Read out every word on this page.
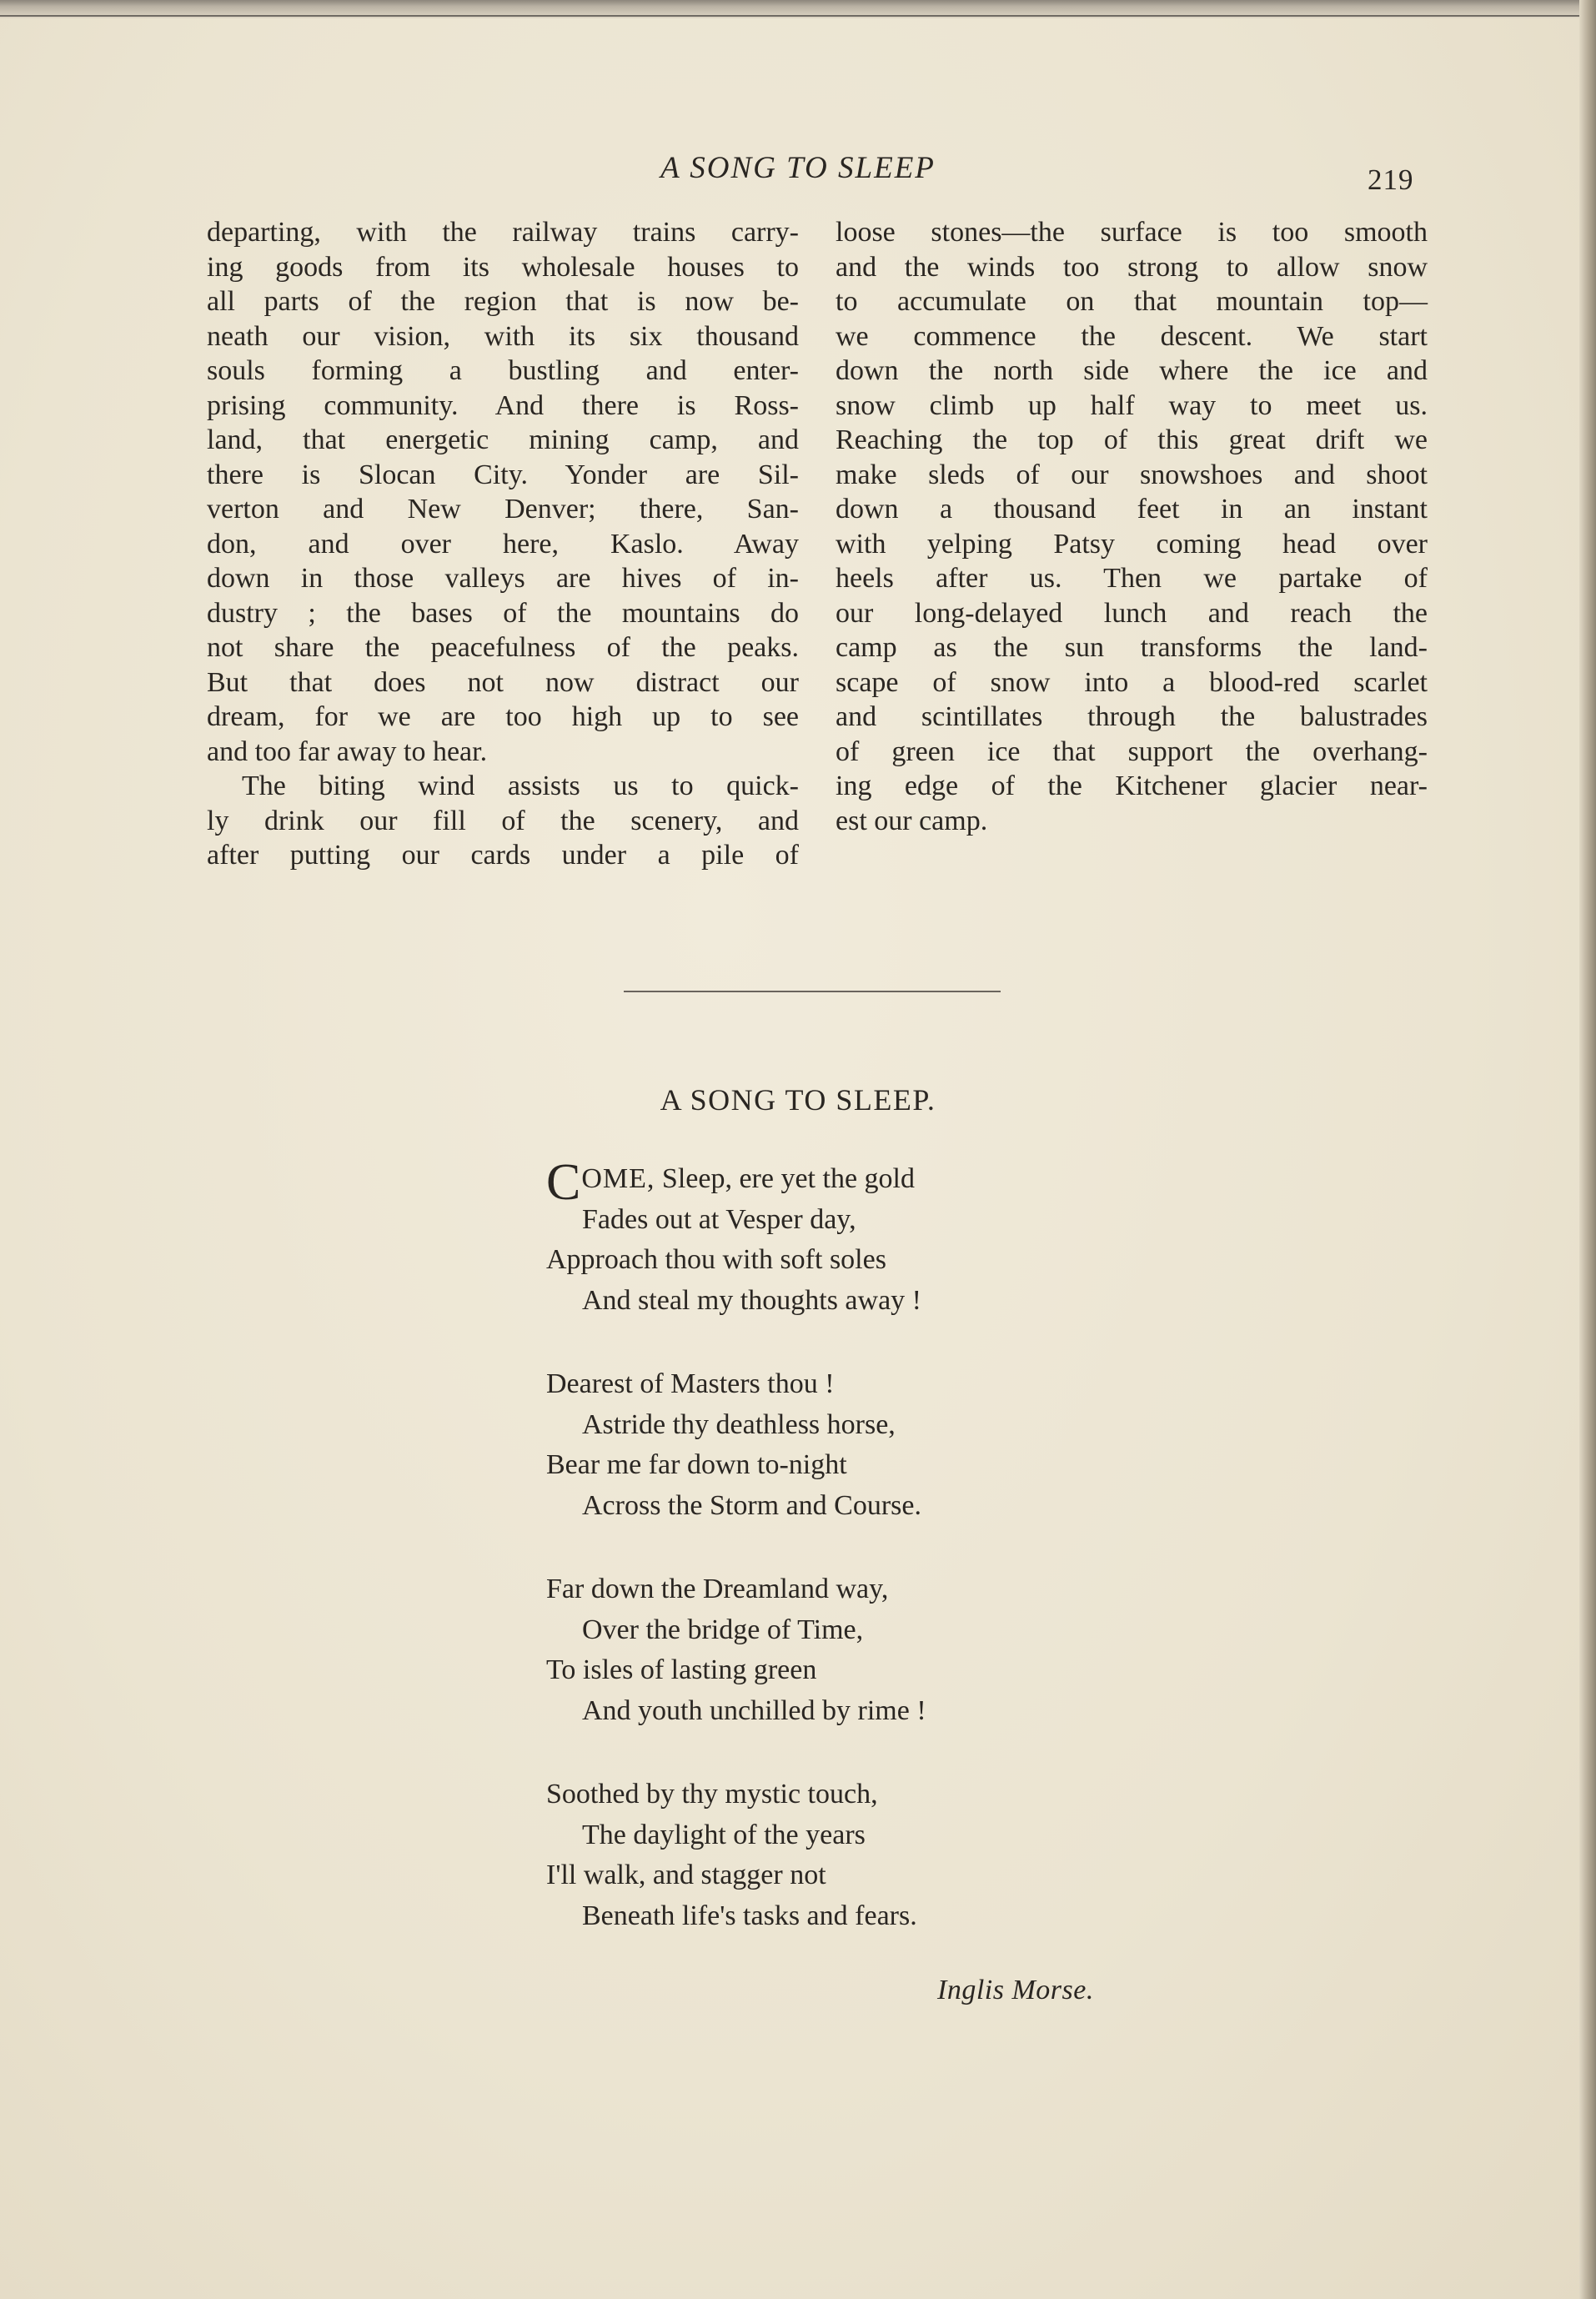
A SONG TO SLEEP	219
departing, with the railway trains carry-
ing goods from its wholesale houses to
all parts of the region that is now be-
neath our vision, with its six thousand
souls forming a bustling and enter-
prising community. And there is Ross-
land, that energetic mining camp, and
there is Slocan City. Yonder are Sil-
verton and New Denver; there, San-
don, and over here, Kaslo. Away
down in those valleys are hives of in-
dustry ; the bases of the mountains do
not share the peacefulness of the peaks.
But that does not now distract our
dream, for we are too high up to see
and too far away to hear.
The biting wind assists us to quick-
ly drink our fill of the scenery, and
after putting our cards under a pile of
loose stones—the surface is too smooth
and the winds too strong to allow snow
to accumulate on that mountain top—
we commence the descent. We start
down the north side where the ice and
snow climb up half way to meet us.
Reaching the top of this great drift we
make sleds of our snowshoes and shoot
down a thousand feet in an instant
with yelping Patsy coming head over
heels after us. Then we partake of
our long-delayed lunch and reach the
camp as the sun transforms the land-
scape of snow into a blood-red scarlet
and scintillates through the balustrades
of green ice that support the overhang-
ing edge of the Kitchener glacier near-
est our camp.
A SONG TO SLEEP.
COME, Sleep, ere yet the gold
Fades out at Vesper day,
Approach thou with soft soles
And steal my thoughts away !
Dearest of Masters thou !
Astride thy deathless horse,
Bear me far down to-night
Across the Storm and Course.
Far down the Dreamland way,
Over the bridge of Time,
To isles of lasting green
And youth unchilled by rime !
Soothed by thy mystic touch,
The daylight of the years
I'll walk, and stagger not
Beneath life's tasks and fears.
Inglis Morse.
